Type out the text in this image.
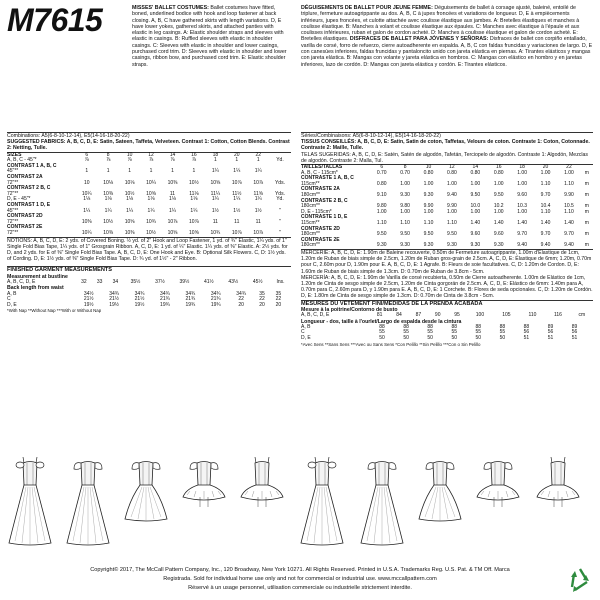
M7615	MISSES' BALLET COSTUMES: Ballet costumes have fitted, boned, underlined bodice with hook and loop fastener at back closing. A, B, C have gathered skirts with length variations. D, E have lower yokes, gathered skirts, and attached panties with elastic in leg casings. A: Elastic shoulder straps and sleeves with elastic in casings. B: Ruffled sleeves with elastic in shoulder casings. C: Sleeves with elastic in shoulder and lower casings, purchased cord trim. D: Sleeves with elastic in shoulder and lower casings, ribbon bow, and purchased cord trim. E: Elastic shoulder straps.
DÉGUISEMENTS DE BALLET POUR JEUNE FEMME: Déguisements de ballet à corsage ajusté, baleiné, entoilé de triplure, fermeture autoagrippante au dos. A, B, C à jupes froncées et variations de longueur. D, E à empiècements inférieurs, jupes froncées, et culotte attachée avec coulisse élastique aux jambes. A: Bretelles élastiques et manches à coulisse élastique. B: Manches à volant et coulisse élastique aux épaules. C: Manches avec élastique à l'épaule et aux coulisses inférieures, ruban et galon de cordon acheté. D: Manches à coulisse élastique et galon de cordon acheté. E: Bretelles élastiques. DISFRACES DE BALLET PARA JÓVENES Y SEÑORAS: Disfraces de ballet con corpiño entallado, varilla de corsé, forro de refuerzo, cierre autoadherente en espalda. A, B, C con faldas fruncidas y variaciones de largo. D, E con canesúes inferiores, faldas fruncidas y pantaloncito unido con jareta elástica en piernas. A: Tirantes elásticos y mangas con jareta elástica. B: Mangas con volante y jareta elástica en hombros. C: Mangas con elástico en hombro y en jaretas inferiores, lazo de cordón. D: Mangas con jareta elástica y cordón. E: Tirantes elásticos.
Combinations: A5(6-8-10-12-14), E5(14-16-18-20-22)
SUGGESTED FABRICS: A, B, C, D, E: Satin, Sateen, Taffeta, Velveteen. Contrast 1: Cotton, Cotton Blends. Contrast 2: Netting, Tulle.
SIZES	6	8	10	12	14	16	18	20	22	
A, B, C - 45"*	⅞	⅞	⅞	⅞	⅞	⅞	1	1	1	Yd.
CONTRAST 1 A, B, C										
45"**	1	1	1	1	1	1	1¼	1¼	1¼	
CONTRAST 2A										
72"**	10	10⅛	10⅛	10¼	10⅜	10½	10⅝	10⅞	10⅞	Yds.
CONTRAST 2 B, C										
72"**	10¼	10⅜	10½	10⅝	11	11⅛	11¼	11½	11⅝	Yds.
D, E - 45"*	1⅛	1⅛	1⅛	1⅛	1⅛	1⅛	1¼	1¼	1¼	Yd.
CONTRAST 1 D, E										
45"**	1¼	1¼	1¼	1¼	1¼	1¼	1½	1½	1½	"
CONTRAST 2D										
72"**	10⅜	10½	10⅝	10¾	10⅞	10⅞	11	11	11	"
CONTRAST 2E										
72"**	10¼	10⅜	10⅜	10½	10⅝	10⅝	10¾	10⅞	10⅞	"
NOTIONS: A, B, C, D, E: 2 yds. of Covered Boning. ½ yd. of 2" Hook and Loop Fastener, 1 yd. of ¾" Elastic, 1¼ yds. of 1" Single Fold Bias Tape, 1¼ yds. of 1" Grosgrain Ribbon. A, C, D, E: 1 yd. of ¼" Elastic. 1¼ yds. of ⅜" Elastic. A: 2½ yds. for D, and 2 yds. for E of ⅜" Single Fold Bias Tape. A, B, C, D, E: One Hook and Eye. B: Optional Silk Flowers. C, D: 1½ yds. of Cording. D, E: 1½ yds. of ⅜" Single Fold Bias Tape. D: ¾ yd. of 1½" - 2" Ribbon.
FINISHED GARMENT MEASUREMENTS
Measurement at bustline
A, B, C, D, E	32	33	34	35½	37½	39½	41½	43½	45½	Ins.
Back length from waist
A, B	34½	34¾	34¾	34¾	34¾	34¾	34¾	35	35	
C	21½	21½	21½	21¾	21¾	21¾	22	22	22	
D, E	19½	19½	19½	19¾	19¾	19¾	20	20	20	
*With Nap **Without Nap ***With or Without Nap
Séries/Combinaisons: A5(6-8-10-12-14), E5(14-16-18-20-22)
TISSUS CONSEILLÉS: A, B, C, D, E: Satin, Satin de coton, Taffetas, Velours de coton. Contraste 1: Coton, Cotonnade. Contraste 2: Maille, Tulle.
TELAS SUGERIDAS: A, B, C, D, E: Satén, Satén de algodón, Tafetán, Terciopelo de algodón. Contraste 1: Algodón, Mezclas de algodón. Contraste 2: Malla, Tul.
TAILLES/TALLAS	6	8	10	12	14	16	18	20	22	
A, B, C - 115cm*	0.70	0.70	0.80	0.80	0.80	0.80	1.00	1.00	1.00	m
CONTRASTE 1 A, B, C										
115cm**	0.80	1.00	1.00	1.00	1.00	1.00	1.00	1.10	1.10	m
CONTRASTE 2A										
180cm**	9.10	9.30	9.30	9.40	9.50	9.50	9.60	9.70	9.90	m
CONTRASTE 2 B, C										
180cm**	9.80	9.80	9.90	9.90	10.0	10.2	10.3	10.4	10.5	m
D, E - 115cm*	1.00	1.00	1.00	1.00	1.00	1.00	1.00	1.10	1.10	m
CONTRASTE 1 D, E										
115cm**	1.10	1.10	1.10	1.10	1.40	1.40	1.40	1.40	1.40	m
CONTRASTE 2D										
180cm**	9.50	9.50	9.50	9.50	9.60	9.60	9.70	9.70	9.70	m
CONTRASTE 2E										
180cm**	9.30	9.30	9.30	9.30	9.30	9.30	9.40	9.40	9.40	m
MERCERIE: A, B, C, D, E: 1.90m de Baleine recouverte, 0.50m de Fermeture autoagrippante, 1.00m d'Élastique de 1cm, 1.20m de Ruban de biais simple de 2.5cm, 1.20m de Ruban gros-grain de 2.5cm. A, C, D, E: Élastique de 6mm; 1.20m, 0.70m pour C, 2.60m pour D, 1.90m pour E. A, B, C, D, E: 1 Agrafe. B: Fleurs de soie facultatives. C, D: 1.20m de Cordon. D, E: 1.60m de Ruban de biais simple de 1.3cm. D: 0.70m de Ruban de 3.8cm - 5cm.
MERCERÍA: A, B, C, D, E: 1.90m de Varilla de corsé recubierta, 0.50m de Cierre autoadherente. 1.00m de Elástico de 1cm, 1.20m de Cinta de sesgo simple de 2.5cm, 1.20m de Cinta gorgorán de 2.5cm. A, C, D, E: Elástico de 6mm: 1.40m para A, 0.70m para C, 2.60m para D, y 1.90m para E. A, B, C, D, E: 1 Corchete. B: Flores de seda opcionales. C, D: 1.20m de Cordón. D, E: 1.80m de Cinta de sesgo simple de 1.3cm. D: 0.70m de Cinta de 3.8cm - 5cm.
MESURES DU VÊTEMENT FINI/MEDIDAS DE LA PRENDA ACABADA
Mesure à la poitrine/Contorno de busto
A, B, C, D, E	81	84	87	90	95	100	105	110	116	cm
Longueur - dos, taille à l'ourlet/Largo de espalda desde la cintura
A, B	88	88	88	88	88	88	88	89	89	
C	55	55	55	55	55	55	56	56	56	
D, E	50	50	50	50	50	50	51	51	51	
*Avec Sens **Sans Sens ***Avec ou Sans Sens *Con Pelillo **Sin Pelillo ***Con o Sin Pelillo
Copyright© 2017, The McCall Pattern Company, Inc., 120 Broadway, New York 10271. All Rights Reserved. Printed in U.S.A. Trademarks Reg. U.S. Pat. & TM Off. Marca
Registrada. Sold for individual home use only and not for commercial or industrial use. www.mccallpattern.com
Réservé à un usage personnel, utilisation commerciale ou industrielle strictement interdite.
